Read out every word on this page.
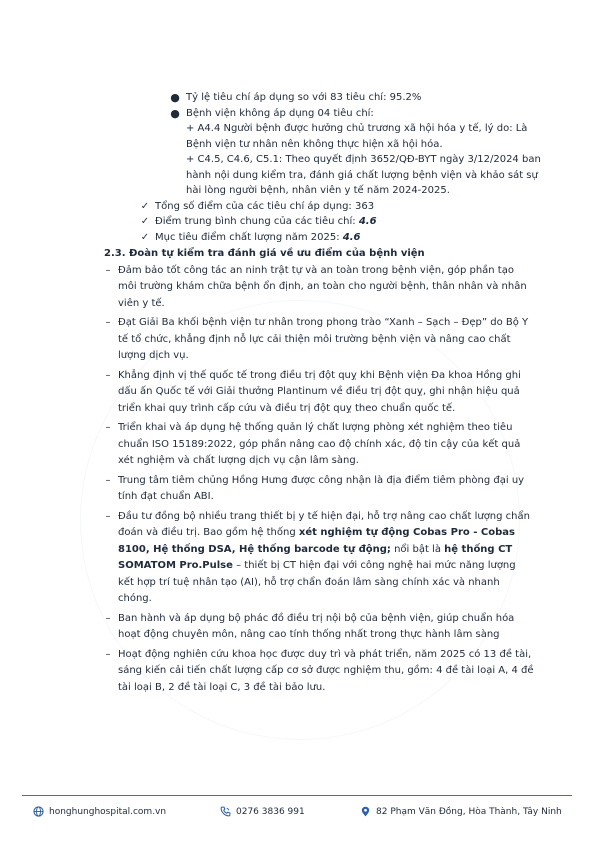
● Tỷ lệ tiêu chí áp dụng so với 83 tiêu chí: 95.2%
● Bệnh viện không áp dụng 04 tiêu chí:
+ A4.4 Người bệnh được hưởng chủ trương xã hội hóa y tế, lý do: Là
Bệnh viện tư nhân nên không thực hiện xã hội hóa.
+ C4.5, C4.6, C5.1: Theo quyết định 3652/QĐ-BYT ngày 3/12/2024 ban
hành nội dung kiểm tra, đánh giá chất lượng bệnh viện và khảo sát sự
hài lòng người bệnh, nhân viên y tế năm 2024-2025.
✓ Tổng số điểm của các tiêu chí áp dụng: 363
✓ Điểm trung bình chung của các tiêu chí: 4.6
✓ Mục tiêu điểm chất lượng năm 2025: 4.6
2.3. Đoàn tự kiểm tra đánh giá về ưu điểm của bệnh viện
– Đảm bảo tốt công tác an ninh trật tự và an toàn trong bệnh viện, góp phần tạo
môi trường khám chữa bệnh ổn định, an toàn cho người bệnh, thân nhân và nhân
viên y tế.
– Đạt Giải Ba khối bệnh viện tư nhân trong phong trào “Xanh – Sạch – Đẹp” do Bộ Y
tế tổ chức, khẳng định nỗ lực cải thiện môi trường bệnh viện và nâng cao chất
lượng dịch vụ.
– Khẳng định vị thế quốc tế trong điều trị đột quỵ khi Bệnh viện Đa khoa Hồng ghi
dấu ấn Quốc tế với Giải thưởng Plantinum về điều trị đột quỵ, ghi nhận hiệu quả
triển khai quy trình cấp cứu và điều trị đột quỵ theo chuẩn quốc tế.
– Triển khai và áp dụng hệ thống quản lý chất lượng phòng xét nghiệm theo tiêu
chuẩn ISO 15189:2022, góp phần nâng cao độ chính xác, độ tin cậy của kết quả
xét nghiệm và chất lượng dịch vụ cận lâm sàng.
– Trung tâm tiêm chủng Hồng Hưng được công nhận là địa điểm tiêm phòng đại uy
tính đạt chuẩn ABI.
– Đầu tư đồng bộ nhiều trang thiết bị y tế hiện đại, hỗ trợ nâng cao chất lượng chẩn
đoán và điều trị. Bao gồm hệ thống xét nghiệm tự động Cobas Pro - Cobas
8100, Hệ thống DSA, Hệ thống barcode tự động; nổi bật là hệ thống CT
SOMATOM Pro.Pulse – thiết bị CT hiện đại với công nghệ hai mức năng lượng
kết hợp trí tuệ nhân tạo (AI), hỗ trợ chẩn đoán lâm sàng chính xác và nhanh
chóng.
– Ban hành và áp dụng bộ phác đồ điều trị nội bộ của bệnh viện, giúp chuẩn hóa
hoạt động chuyên môn, nâng cao tính thống nhất trong thực hành lâm sàng
– Hoạt động nghiên cứu khoa học được duy trì và phát triển, năm 2025 có 13 đề tài,
sáng kiến cải tiến chất lượng cấp cơ sở được nghiệm thu, gồm: 4 đề tài loại A, 4 đề
tài loại B, 2 đề tài loại C, 3 đề tài bảo lưu.
honghunghospital.com.vn	0276 3836 991	82 Phạm Văn Đồng, Hòa Thành, Tây Ninh
